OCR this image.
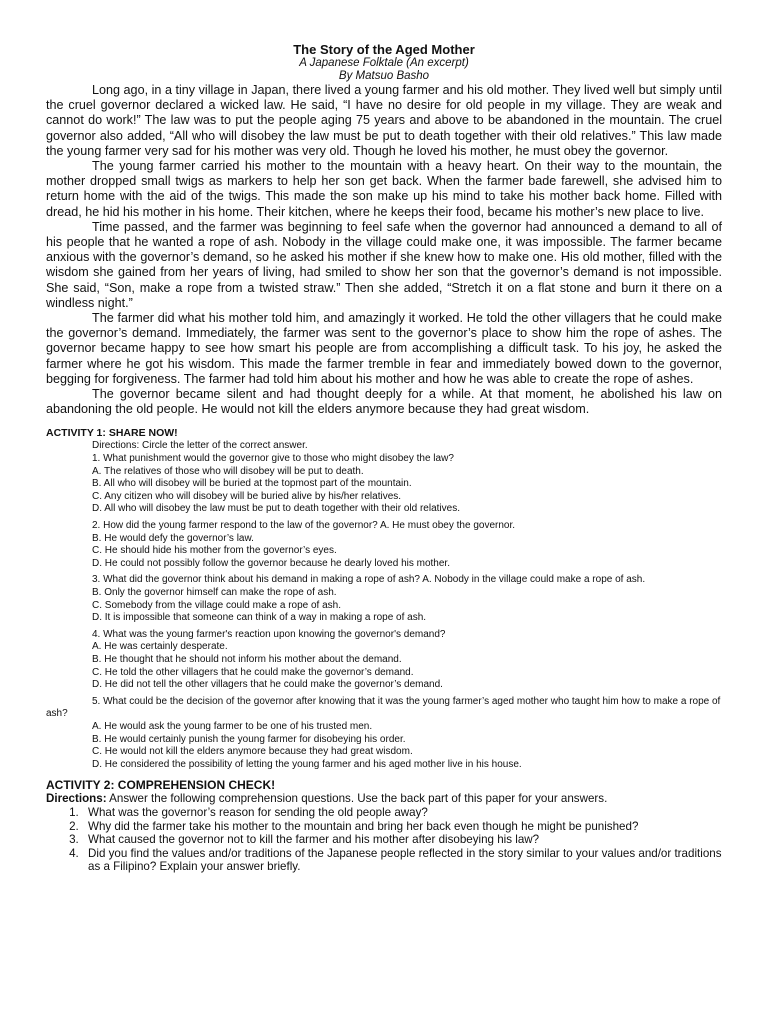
The Story of the Aged Mother
A Japanese Folktale (An excerpt)
By Matsuo Basho

Long ago, in a tiny village in Japan, there lived a young farmer and his old mother. They lived well but simply until the cruel governor declared a wicked law. He said, “I have no desire for old people in my village. They are weak and cannot do work!” The law was to put the people aging 75 years and above to be abandoned in the mountain. The cruel governor also added, “All who will disobey the law must be put to death together with their old relatives.” This law made the young farmer very sad for his mother was very old. Though he loved his mother, he must obey the governor.

The young farmer carried his mother to the mountain with a heavy heart. On their way to the mountain, the mother dropped small twigs as markers to help her son get back. When the farmer bade farewell, she advised him to return home with the aid of the twigs. This made the son make up his mind to take his mother back home. Filled with dread, he hid his mother in his home. Their kitchen, where he keeps their food, became his mother’s new place to live.

Time passed, and the farmer was beginning to feel safe when the governor had announced a demand to all of his people that he wanted a rope of ash. Nobody in the village could make one, it was impossible. The farmer became anxious with the governor’s demand, so he asked his mother if she knew how to make one. His old mother, filled with the wisdom she gained from her years of living, had smiled to show her son that the governor’s demand is not impossible. She said, “Son, make a rope from a twisted straw.” Then she added, “Stretch it on a flat stone and burn it there on a windless night.”

The farmer did what his mother told him, and amazingly it worked. He told the other villagers that he could make the governor’s demand. Immediately, the farmer was sent to the governor’s place to show him the rope of ashes. The governor became happy to see how smart his people are from accomplishing a difficult task. To his joy, he asked the farmer where he got his wisdom. This made the farmer tremble in fear and immediately bowed down to the governor, begging for forgiveness. The farmer had told him about his mother and how he was able to create the rope of ashes.

The governor became silent and had thought deeply for a while. At that moment, he abolished his law on abandoning the old people. He would not kill the elders anymore because they had great wisdom.

ACTIVITY 1: SHARE NOW!
Directions: Circle the letter of the correct answer.
1. What punishment would the governor give to those who might disobey the law?
A. The relatives of those who will disobey will be put to death.
B. All who will disobey will be buried at the topmost part of the mountain.
C. Any citizen who will disobey will be buried alive by his/her relatives.
D. All who will disobey the law must be put to death together with their old relatives.
2. How did the young farmer respond to the law of the governor? A. He must obey the governor.
B. He would defy the governor’s law.
C. He should hide his mother from the governor’s eyes.
D. He could not possibly follow the governor because he dearly loved his mother.
3. What did the governor think about his demand in making a rope of ash? A. Nobody in the village could make a rope of ash.
B. Only the governor himself can make the rope of ash.
C. Somebody from the village could make a rope of ash.
D. It is impossible that someone can think of a way in making a rope of ash.
4. What was the young farmer's reaction upon knowing the governor's demand?
A. He was certainly desperate.
B. He thought that he should not inform his mother about the demand.
C. He told the other villagers that he could make the governor’s demand.
D. He did not tell the other villagers that he could make the governor’s demand.
5. What could be the decision of the governor after knowing that it was the young farmer’s aged mother who taught him how to make a rope of ash?
A. He would ask the young farmer to be one of his trusted men.
B. He would certainly punish the young farmer for disobeying his order.
C. He would not kill the elders anymore because they had great wisdom.
D. He considered the possibility of letting the young farmer and his aged mother live in his house.
ACTIVITY 2: COMPREHENSION CHECK!
Directions: Answer the following comprehension questions. Use the back part of this paper for your answers.
1. What was the governor’s reason for sending the old people away?
2. Why did the farmer take his mother to the mountain and bring her back even though he might be punished?
3. What caused the governor not to kill the farmer and his mother after disobeying his law?
4. Did you find the values and/or traditions of the Japanese people reflected in the story similar to your values and/or traditions as a Filipino? Explain your answer briefly.
